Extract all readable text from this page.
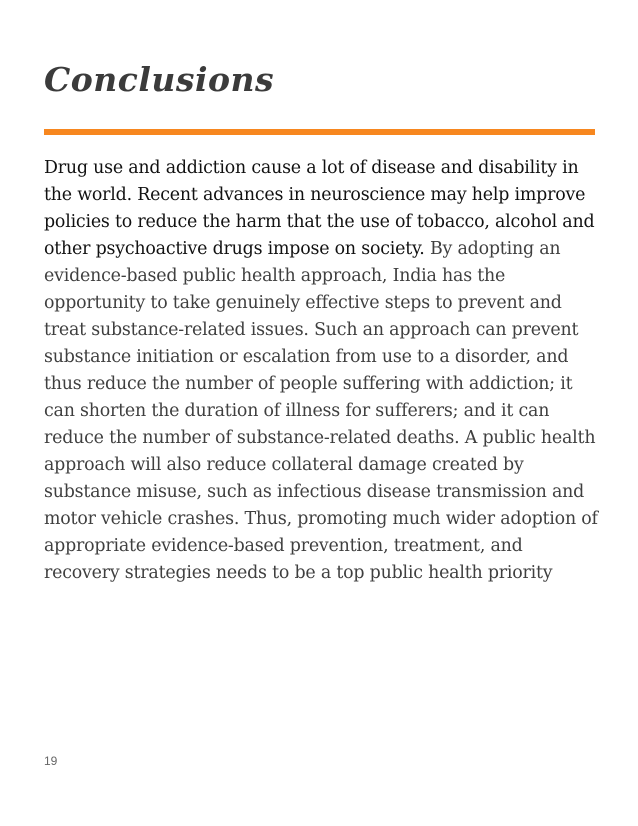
Conclusions

Drug use and addiction cause a lot of disease and disability in the world. Recent advances in neuroscience may help improve policies to reduce the harm that the use of tobacco, alcohol and other psychoactive drugs impose on society. By adopting an evidence-based public health approach, India has the opportunity to take genuinely effective steps to prevent and treat substance-related issues. Such an approach can prevent substance initiation or escalation from use to a disorder, and thus reduce the number of people suffering with addiction; it can shorten the duration of illness for sufferers; and it can reduce the number of substance-related deaths. A public health approach will also reduce collateral damage created by substance misuse, such as infectious disease transmission and motor vehicle crashes. Thus, promoting much wider adoption of appropriate evidence-based prevention, treatment, and recovery strategies needs to be a top public health priority

19
